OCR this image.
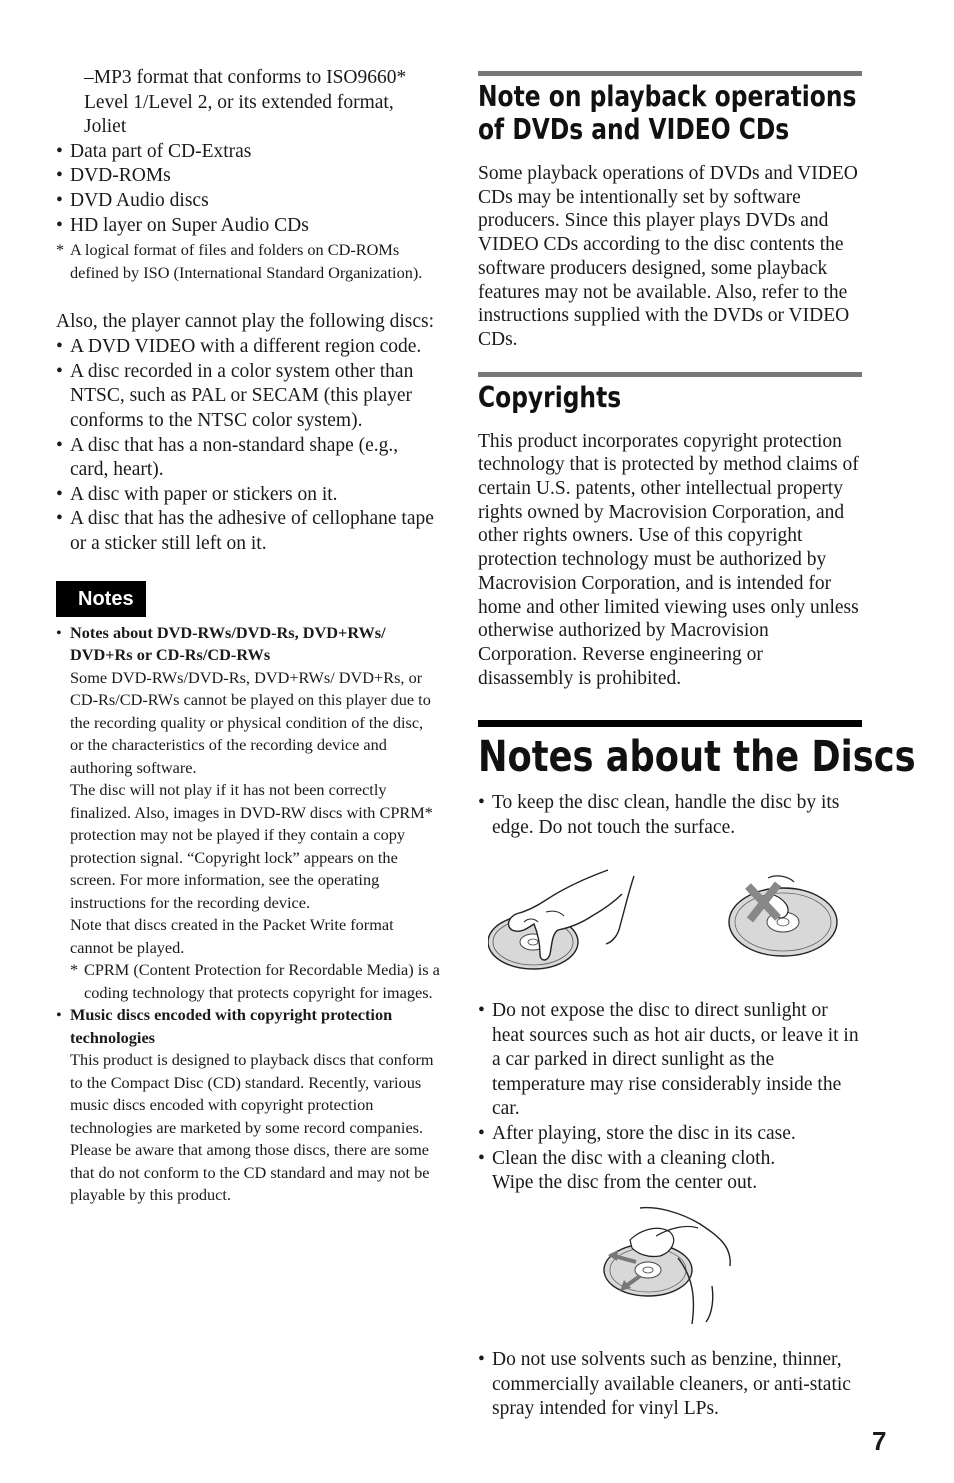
–MP3 format that conforms to ISO9660* Level 1/Level 2, or its extended format, Joliet

• Data part of CD-Extras

• DVD-ROMs

• DVD Audio discs

• HD layer on Super Audio CDs

* A logical format of files and folders on CD-ROMs defined by ISO (International Standard Organization).

Also, the player cannot play the following discs:

• A DVD VIDEO with a different region code.

• A disc recorded in a color system other than NTSC, such as PAL or SECAM (this player conforms to the NTSC color system).

• A disc that has a non-standard shape (e.g., card, heart).

• A disc with paper or stickers on it.

• A disc that has the adhesive of cellophane tape or a sticker still left on it.

Notes

• Notes about DVD-RWs/DVD-Rs, DVD+RWs/ DVD+Rs or CD-Rs/CD-RWs

Some DVD-RWs/DVD-Rs, DVD+RWs/ DVD+Rs, or CD-Rs/CD-RWs cannot be played on this player due to the recording quality or physical condition of the disc, or the characteristics of the recording device and authoring software.

The disc will not play if it has not been correctly finalized. Also, images in DVD-RW discs with CPRM* protection may not be played if they contain a copy protection signal. “Copyright lock” appears on the screen. For more information, see the operating instructions for the recording device.

Note that discs created in the Packet Write format cannot be played.

* CPRM (Content Protection for Recordable Media) is a coding technology that protects copyright for images.

• Music discs encoded with copyright protection technologies

This product is designed to playback discs that conform to the Compact Disc (CD) standard. Recently, various music discs encoded with copyright protection technologies are marketed by some record companies. Please be aware that among those discs, there are some that do not conform to the CD standard and may not be playable by this product.

Note on playback operations of DVDs and VIDEO CDs

Some playback operations of DVDs and VIDEO CDs may be intentionally set by software producers. Since this player plays DVDs and VIDEO CDs according to the disc contents the software producers designed, some playback features may not be available. Also, refer to the instructions supplied with the DVDs or VIDEO CDs.

Copyrights

This product incorporates copyright protection technology that is protected by method claims of certain U.S. patents, other intellectual property rights owned by Macrovision Corporation, and other rights owners. Use of this copyright protection technology must be authorized by Macrovision Corporation, and is intended for home and other limited viewing uses only unless otherwise authorized by Macrovision Corporation. Reverse engineering or disassembly is prohibited.

Notes about the Discs

• To keep the disc clean, handle the disc by its edge. Do not touch the surface.

• Do not expose the disc to direct sunlight or heat sources such as hot air ducts, or leave it in a car parked in direct sunlight as the temperature may rise considerably inside the car.

• After playing, store the disc in its case.

• Clean the disc with a cleaning cloth.
Wipe the disc from the center out.

• Do not use solvents such as benzine, thinner, commercially available cleaners, or anti-static spray intended for vinyl LPs.

7
